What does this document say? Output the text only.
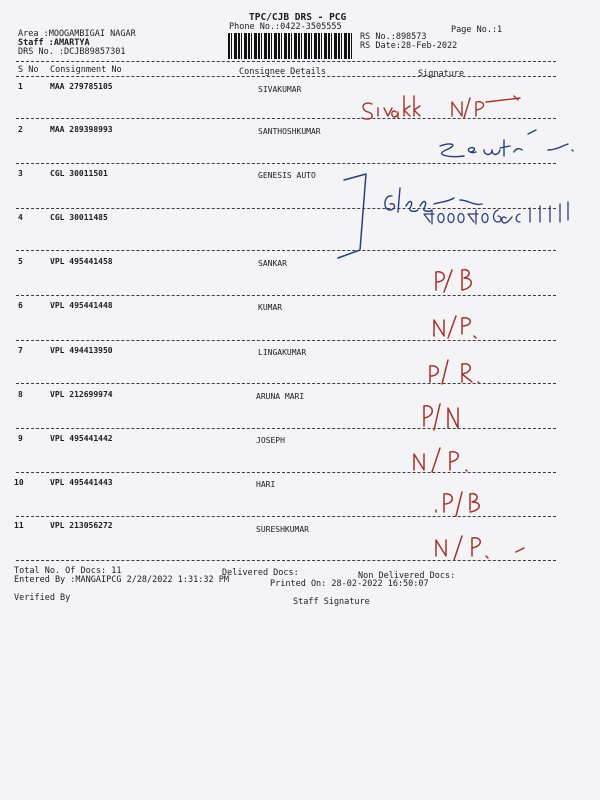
TPC/CJB DRS - PCG
Phone No.:0422-3505555	Page No.:1
Area :MOOGAMBIGAI NAGAR
Staff :AMARTYA
DRS No. :DCJB89857301
RS No.:898573
RS Date:28-Feb-2022
S No Consignment No	Consignee Details	Signature
1	MAA 279785105	SIVAKUMAR
2	MAA 289398993	SANTHOSHKUMAR
3	CGL 30011501	GENESIS AUTO
4	CGL 30011485
5	VPL 495441458	SANKAR
6	VPL 495441448	KUMAR
7	VPL 494413950	LINGAKUMAR
8	VPL 212699974	ARUNA MARI
9	VPL 495441442	JOSEPH
10	VPL 495441443	HARI
11	VPL 213056272	SURESHKUMAR
Total No. Of Docs: 11	Delivered Docs:	Non Delivered Docs:
Entered By :MANGAIPCG 2/28/2022 1:31:32 PM	Printed On: 28-02-2022 16:50:07
Verified By	Staff Signature
